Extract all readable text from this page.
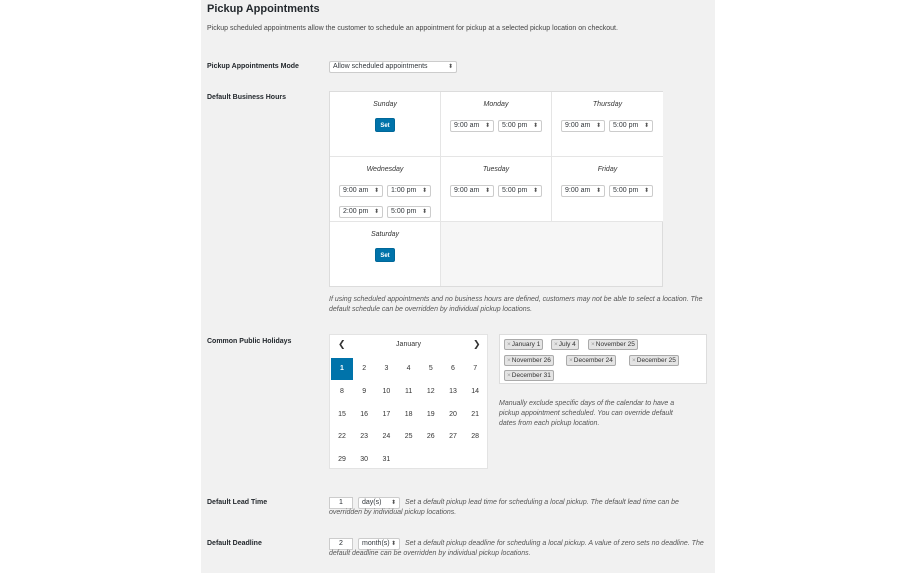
Pickup Appointments
Pickup scheduled appointments allow the customer to schedule an appointment for pickup at a selected pickup location on checkout.
Pickup Appointments Mode	Allow scheduled appointments	⬍
Default Business Hours
Sunday
Set
Monday
9:00 am ⬍	5:00 pm ⬍
Thursday
9:00 am ⬍	5:00 pm ⬍
Wednesday
9:00 am ⬍	1:00 pm ⬍
2:00 pm ⬍	5:00 pm ⬍
Tuesday
9:00 am ⬍	5:00 pm ⬍
Friday
9:00 am ⬍	5:00 pm ⬍
Saturday
Set
If using scheduled appointments and no business hours are defined, customers may not be able to select a location. The default schedule can be overridden by individual pickup locations.
Common Public Holidays	❮	January	❯
1	2	3	4	5	6	7
8	9	10	11	12	13	14
15	16	17	18	19	20	21
22	23	24	25	26	27	28
29	30	31
×January 1	×July 4	×November 25
×November 26	×December 24	×December 25
×December 31
Manually exclude specific days of the calendar to have a pickup appointment scheduled. You can override default dates from each pickup location.
Default Lead Time	1	day(s) ⬍	Set a default pickup lead time for scheduling a local pickup. The default lead time can be overridden by individual pickup locations.
Default Deadline	2	month(s) ⬍	Set a default pickup deadline for scheduling a local pickup. A value of zero sets no deadline. The default deadline can be overridden by individual pickup locations.
